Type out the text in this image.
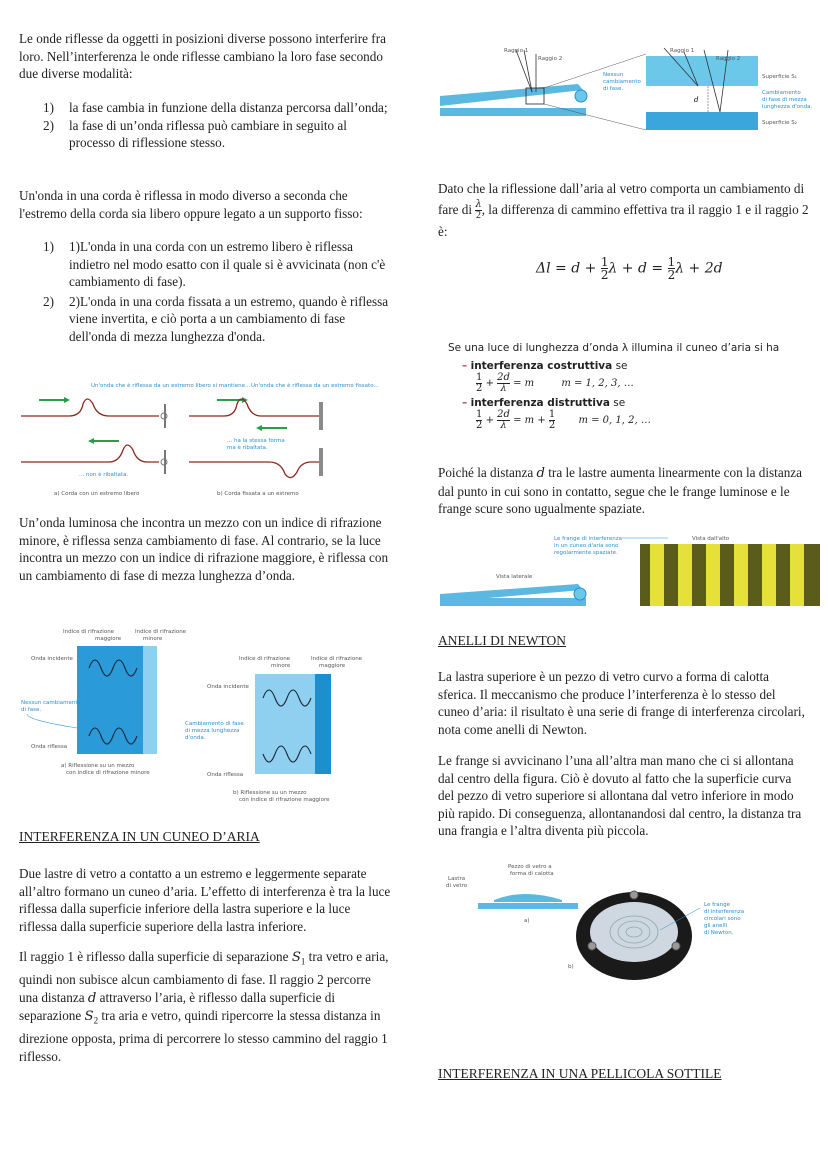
Le onde riflesse da oggetti in posizioni diverse possono interferire fra loro. Nell’interferenza le onde riflesse cambiano la loro fase secondo due diverse modalità:

1) la fase cambia in funzione della distanza percorsa dall’onda;
2) la fase di un’onda riflessa può cambiare in seguito al processo di riflessione stesso.

Un'onda in una corda è riflessa in modo diverso a seconda che l'estremo della corda sia libero oppure legato a un supporto fisso:

1) 1)L'onda in una corda con un estremo libero è riflessa indietro nel modo esatto con il quale si è avvicinata (non c'è cambiamento di fase).
2) 2)L'onda in una corda fissata a un estremo, quando è riflessa viene invertita, e ciò porta a un cambiamento di fase dell'onda di mezza lunghezza d'onda.
Un'onda che è riflessa da un estremo libero si mantiene... Un'onda che è riflessa da un estremo fissato...
... non è ribaltata.
... ha la stessa forma
ma è ribaltata.
a) Corda con un estremo libero	b) Corda fissata a un estremo

Un’onda luminosa che incontra un mezzo con un indice di rifrazione minore, è riflessa senza cambiamento di fase. Al contrario, se la luce incontra un mezzo con un indice di rifrazione maggiore, è riflessa con un cambiamento di fase di mezza lunghezza d’onda.

Indice di rifrazione
maggiore
Indice di rifrazione
minore
Onda incidente
Nessun cambiamento
di fase.
Onda riflessa
a) Riflessione su un mezzo
con indice di rifrazione minore
Indice di rifrazione
minore
Indice di rifrazione
maggiore
Onda incidente
Cambiamento di fase
di mezza lunghezza
d'onda.
Onda riflessa
b) Riflessione su un mezzo
con indice di rifrazione maggiore
INTERFERENZA IN UN CUNEO D’ARIA

Due lastre di vetro a contatto a un estremo e leggermente separate all’altro formano un cuneo d’aria. L’effetto di interferenza è tra la luce riflessa dalla superficie inferiore della lastra superiore e la luce riflessa dalla superficie superiore della lastra inferiore.

Il raggio 1 è riflesso dalla superficie di separazione $S_1$ tra vetro e aria, quindi non subisce alcun cambiamento di fase. Il raggio 2 percorre una distanza d attraverso l’aria, è riflesso dalla superficie di separazione $S_2$ tra aria e vetro, quindi ripercorre la stessa distanza in direzione opposta, prima di percorrere lo stesso cammino del raggio 1 riflesso.

Raggio 1
Raggio 2
d
Raggio 1
Raggio 2
Nessun
cambiamento
di fase.
Superficie S₁
Cambiamento
di fase di mezza
lunghezza d'onda.
Superficie S₂

Dato che la riflessione dall’aria al vetro comporta un cambiamento di fare di $\frac{\lambda}{2}$ , la differenza di cammino effettiva tra il raggio 1 e il raggio 2 è:

$\Delta l = d + \frac{1}{2}$ $\lambda + d = \frac{1}{2}$ λ + 2d
Se una luce di lunghezza d’onda λ illumina il cuneo d’aria si ha
– interferenza costruttiva se
$\frac{1}{2} + \frac{2d}{\lambda} = m$	m = 1, 2, 3, …
– interferenza distruttiva se
$\frac{1}{2} + \frac{2d}{\lambda} = m + \frac{1}{2}$ m = 0, 1, 2, …

Poiché la distanza d tra le lastre aumenta linearmente con la distanza dal punto in cui sono in contatto, segue che le frange luminose e le frange scure sono ugualmente spaziate.

Le frange di interferenza
in un cuneo d'aria sono
regolarmente spaziate.
Vista dall'alto
Vista laterale
ANELLI DI NEWTON

La lastra superiore è un pezzo di vetro curvo a forma di calotta sferica. Il meccanismo che produce l’interferenza è lo stesso del cuneo d’aria: il risultato è una serie di frange di interferenza circolari, nota come anelli di Newton.

Le frange si avvicinano l’una all’altra man mano che ci si allontana dal centro della figura. Ciò è dovuto al fatto che la superficie curva del pezzo di vetro superiore si allontana dal vetro inferiore in modo più rapido. Di conseguenza, allontanandosi dal centro, la distanza tra una frangia e l’altra diventa più piccola.

Pezzo di vetro a
forma di calotta
Lastra
di vetro
a)
b)
Le frange
di interferenza
circolari sono
gli anelli
di Newton.
INTERFERENZA IN UNA PELLICOLA SOTTILE
